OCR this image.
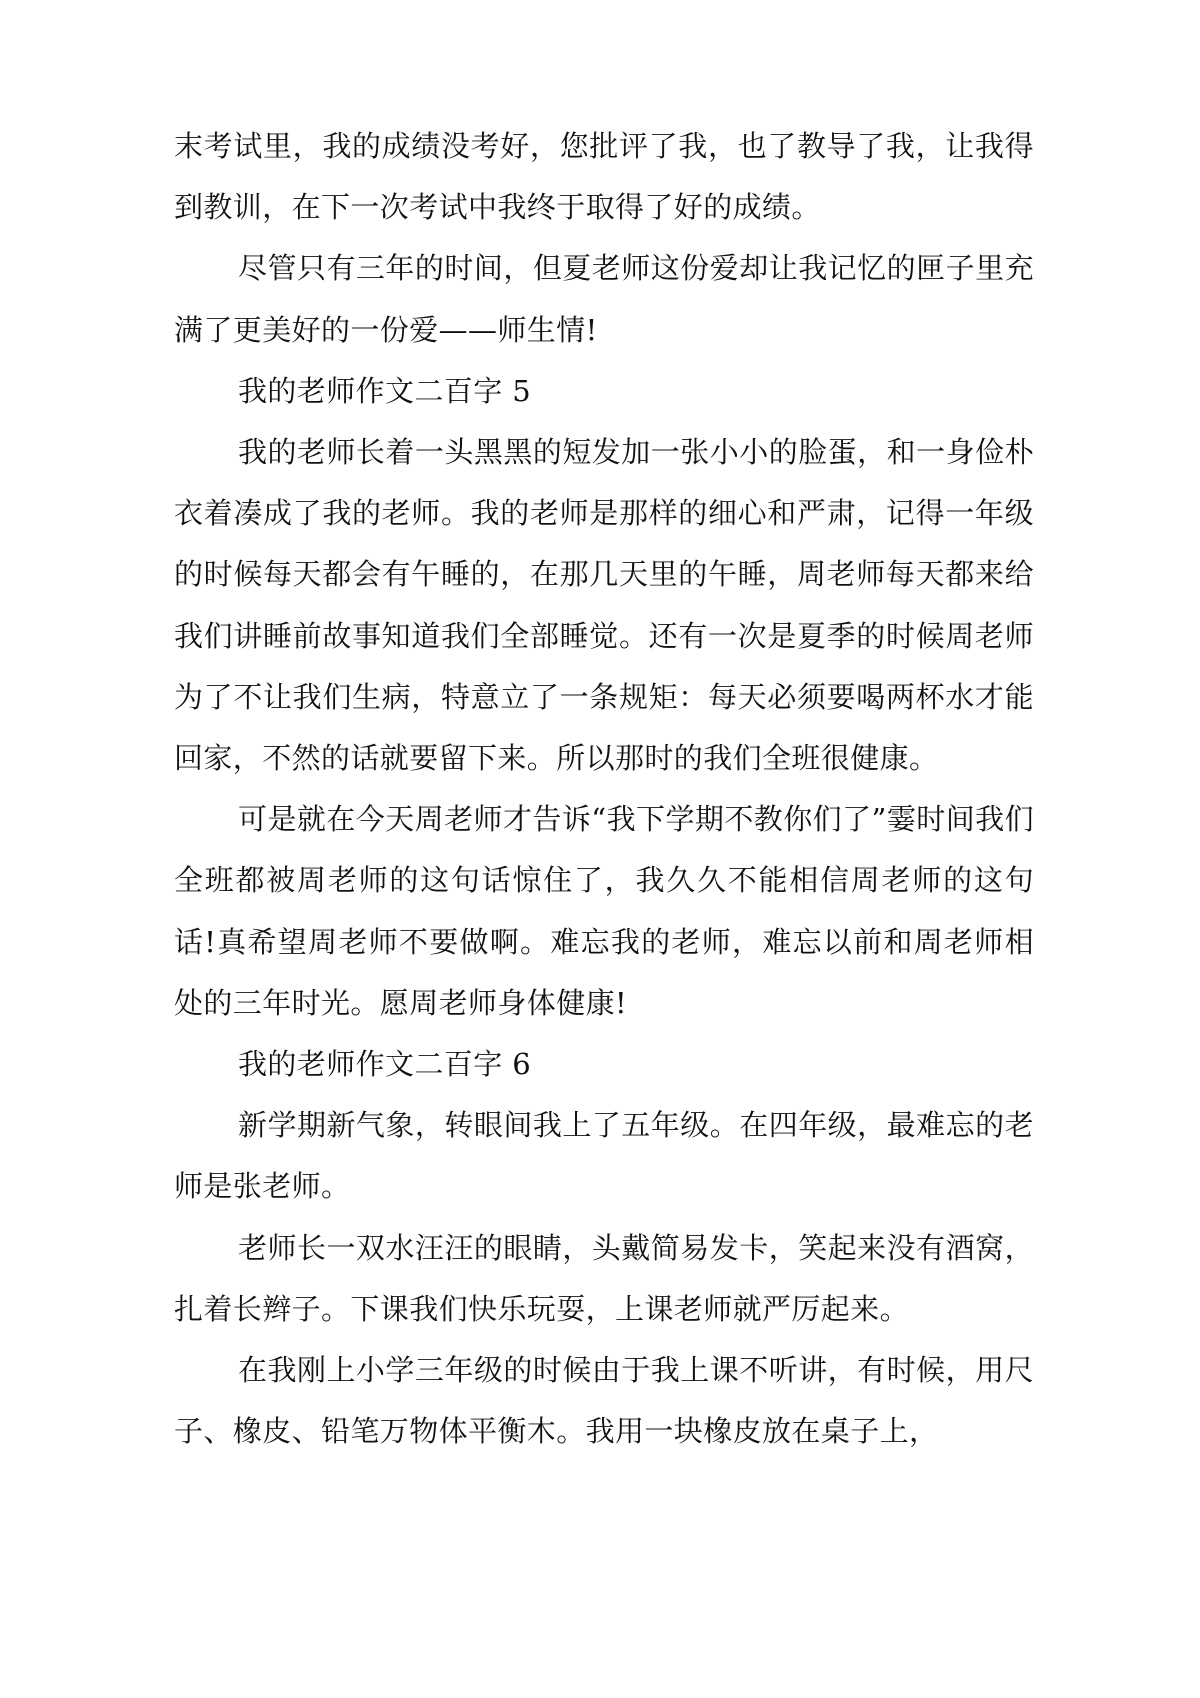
末考试里，我的成绩没考好，您批评了我，也了教导了我，让我得到教训，在下一次考试中我终于取得了好的成绩。

尽管只有三年的时间，但夏老师这份爱却让我记忆的匣子里充满了更美好的一份爱——师生情!

我的老师作文二百字 5

我的老师长着一头黑黑的短发加一张小小的脸蛋，和一身俭朴衣着凑成了我的老师。我的老师是那样的细心和严肃，记得一年级的时候每天都会有午睡的，在那几天里的午睡，周老师每天都来给我们讲睡前故事知道我们全部睡觉。还有一次是夏季的时候周老师为了不让我们生病，特意立了一条规矩：每天必须要喝两杯水才能回家，不然的话就要留下来。所以那时的我们全班很健康。

可是就在今天周老师才告诉“我下学期不教你们了”霎时间我们全班都被周老师的这句话惊住了，我久久不能相信周老师的这句话!真希望周老师不要做啊。难忘我的老师，难忘以前和周老师相处的三年时光。愿周老师身体健康!

我的老师作文二百字 6

新学期新气象，转眼间我上了五年级。在四年级，最难忘的老师是张老师。

老师长一双水汪汪的眼睛，头戴简易发卡，笑起来没有酒窝，扎着长辫子。下课我们快乐玩耍，上课老师就严厉起来。

在我刚上小学三年级的时候由于我上课不听讲，有时候，用尺子、橡皮、铅笔万物体平衡木。我用一块橡皮放在桌子上，
